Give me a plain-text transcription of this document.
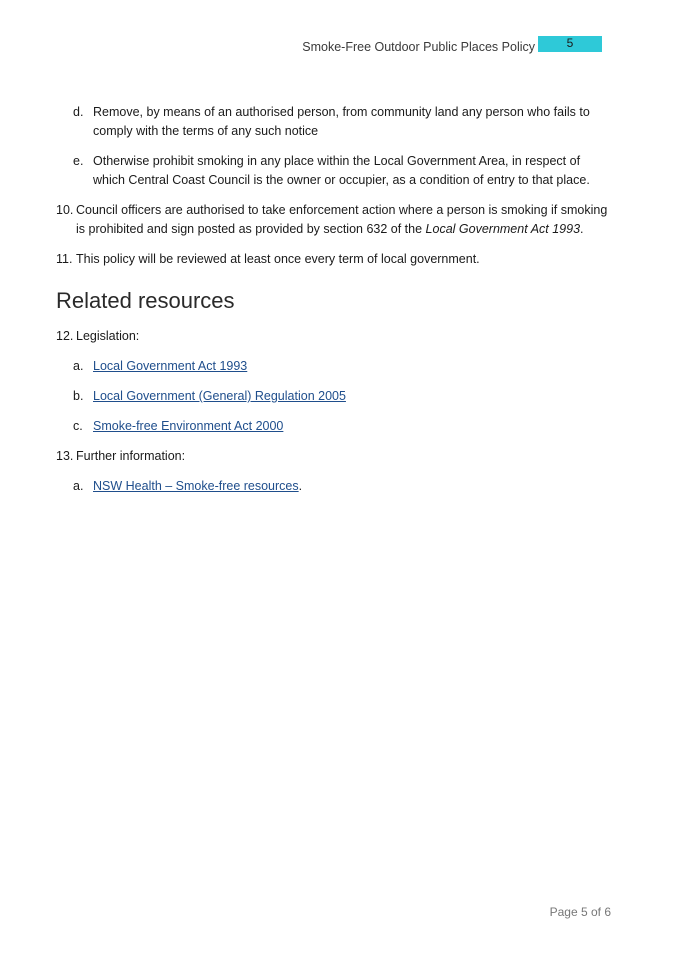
Smoke-Free Outdoor Public Places Policy	5
d. Remove, by means of an authorised person, from community land any person who fails to comply with the terms of any such notice
e. Otherwise prohibit smoking in any place within the Local Government Area, in respect of which Central Coast Council is the owner or occupier, as a condition of entry to that place.
10. Council officers are authorised to take enforcement action where a person is smoking if smoking is prohibited and sign posted as provided by section 632 of the Local Government Act 1993.
11. This policy will be reviewed at least once every term of local government.
Related resources
12. Legislation:
a. Local Government Act 1993
b. Local Government (General) Regulation 2005
c. Smoke-free Environment Act 2000
13. Further information:
a. NSW Health – Smoke-free resources.
Page 5 of 6
